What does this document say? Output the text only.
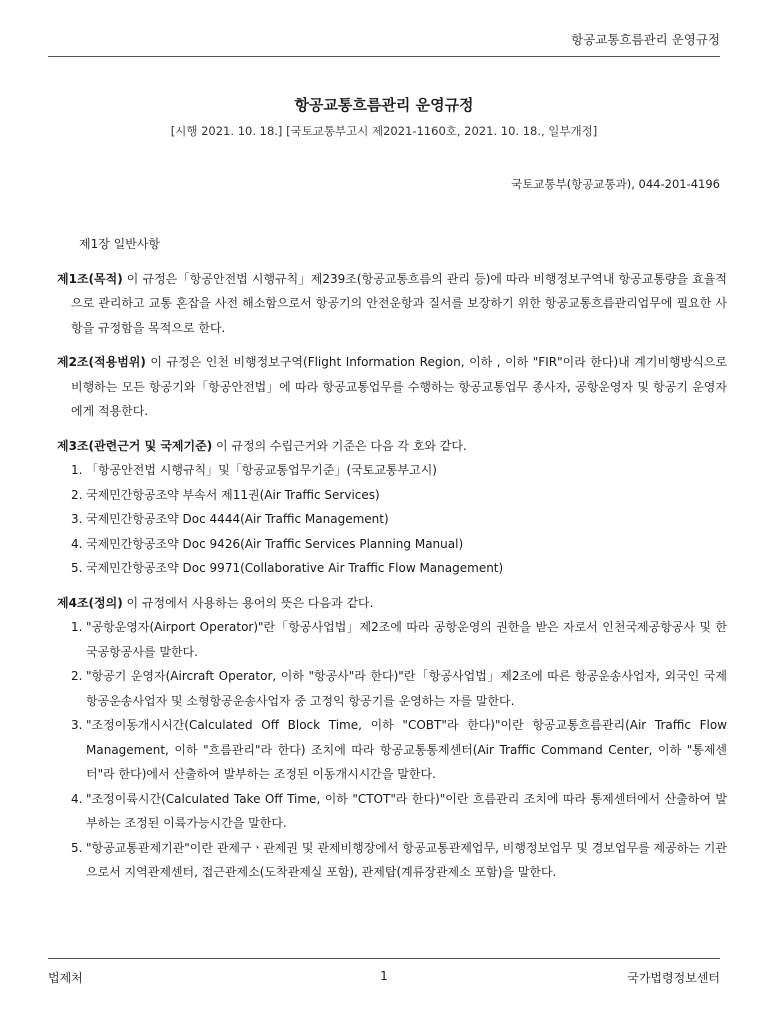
항공교통흐름관리 운영규정
항공교통흐름관리 운영규정
[시행 2021. 10. 18.] [국토교통부고시 제2021-1160호, 2021. 10. 18., 일부개정]
국토교통부(항공교통과), 044-201-4196
제1장 일반사항

제1조(목적) 이 규정은「항공안전법 시행규칙」제239조(항공교통흐름의 관리 등)에 따라 비행정보구역내 항공교통량을 효율적으로 관리하고 교통 혼잡을 사전 해소함으로서 항공기의 안전운항과 질서를 보장하기 위한 항공교통흐름관리업무에 필요한 사항을 규정함을 목적으로 한다.

제2조(적용범위) 이 규정은 인천 비행정보구역(Flight Information Region, 이하 , 이하 "FIR"이라 한다)내 계기비행방식으로 비행하는 모든 항공기와「항공안전법」에 따라 항공교통업무를 수행하는 항공교통업무 종사자, 공항운영자 및 항공기 운영자에게 적용한다.

제3조(관련근거 및 국제기준) 이 규정의 수립근거와 기준은 다음 각 호와 같다.

1. 「항공안전법 시행규칙」및「항공교통업무기준」(국토교통부고시)

2. 국제민간항공조약 부속서 제11권(Air Traffic Services)

3. 국제민간항공조약 Doc 4444(Air Traffic Management)

4. 국제민간항공조약 Doc 9426(Air Traffic Services Planning Manual)

5. 국제민간항공조약 Doc 9971(Collaborative Air Traffic Flow Management)

제4조(정의) 이 규정에서 사용하는 용어의 뜻은 다음과 같다.

1. "공항운영자(Airport Operator)"란「항공사업법」제2조에 따라 공항운영의 권한을 받은 자로서 인천국제공항공사 및 한국공항공사를 말한다.

2. "항공기 운영자(Aircraft Operator, 이하 "항공사"라 한다)"란「항공사업법」제2조에 따른 항공운송사업자, 외국인 국제항공운송사업자 및 소형항공운송사업자 중 고정익 항공기를 운영하는 자를 말한다.

3. "조정이동개시시간(Calculated Off Block Time, 이하 "COBT"라 한다)"이란 항공교통흐름관리(Air Traffic Flow Management, 이하 "흐름관리"라 한다) 조치에 따라 항공교통통제센터(Air Traffic Command Center, 이하 "통제센터"라 한다)에서 산출하여 발부하는 조정된 이동개시시간을 말한다.

4. "조정이륙시간(Calculated Take Off Time, 이하 "CTOT"라 한다)"이란 흐름관리 조치에 따라 통제센터에서 산출하여 발부하는 조정된 이륙가능시간을 말한다.

5. "항공교통관제기관"이란 관제구ㆍ관제권 및 관제비행장에서 항공교통관제업무, 비행정보업무 및 경보업무를 제공하는 기관으로서 지역관제센터, 접근관제소(도착관제실 포함), 관제탑(계류장관제소 포함)을 말한다.

법제처	1	국가법령정보센터
